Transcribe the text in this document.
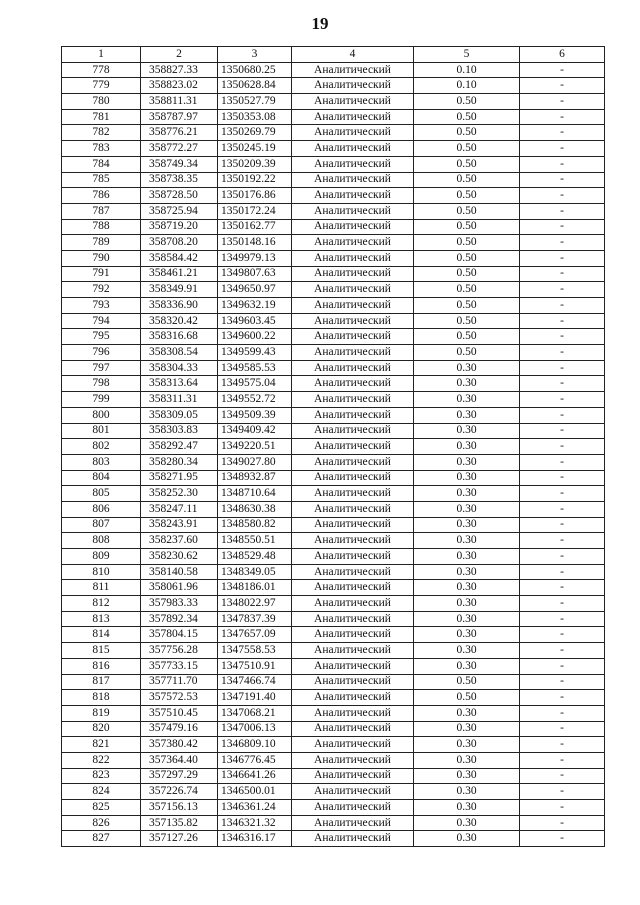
19
1	2	3	4	5	6
778	358827.33	1350680.25	Аналитический	0.10	-
779	358823.02	1350628.84	Аналитический	0.10	-
780	358811.31	1350527.79	Аналитический	0.50	-
781	358787.97	1350353.08	Аналитический	0.50	-
782	358776.21	1350269.79	Аналитический	0.50	-
783	358772.27	1350245.19	Аналитический	0.50	-
784	358749.34	1350209.39	Аналитический	0.50	-
785	358738.35	1350192.22	Аналитический	0.50	-
786	358728.50	1350176.86	Аналитический	0.50	-
787	358725.94	1350172.24	Аналитический	0.50	-
788	358719.20	1350162.77	Аналитический	0.50	-
789	358708.20	1350148.16	Аналитический	0.50	-
790	358584.42	1349979.13	Аналитический	0.50	-
791	358461.21	1349807.63	Аналитический	0.50	-
792	358349.91	1349650.97	Аналитический	0.50	-
793	358336.90	1349632.19	Аналитический	0.50	-
794	358320.42	1349603.45	Аналитический	0.50	-
795	358316.68	1349600.22	Аналитический	0.50	-
796	358308.54	1349599.43	Аналитический	0.50	-
797	358304.33	1349585.53	Аналитический	0.30	-
798	358313.64	1349575.04	Аналитический	0.30	-
799	358311.31	1349552.72	Аналитический	0.30	-
800	358309.05	1349509.39	Аналитический	0.30	-
801	358303.83	1349409.42	Аналитический	0.30	-
802	358292.47	1349220.51	Аналитический	0.30	-
803	358280.34	1349027.80	Аналитический	0.30	-
804	358271.95	1348932.87	Аналитический	0.30	-
805	358252.30	1348710.64	Аналитический	0.30	-
806	358247.11	1348630.38	Аналитический	0.30	-
807	358243.91	1348580.82	Аналитический	0.30	-
808	358237.60	1348550.51	Аналитический	0.30	-
809	358230.62	1348529.48	Аналитический	0.30	-
810	358140.58	1348349.05	Аналитический	0.30	-
811	358061.96	1348186.01	Аналитический	0.30	-
812	357983.33	1348022.97	Аналитический	0.30	-
813	357892.34	1347837.39	Аналитический	0.30	-
814	357804.15	1347657.09	Аналитический	0.30	-
815	357756.28	1347558.53	Аналитический	0.30	-
816	357733.15	1347510.91	Аналитический	0.30	-
817	357711.70	1347466.74	Аналитический	0.50	-
818	357572.53	1347191.40	Аналитический	0.50	-
819	357510.45	1347068.21	Аналитический	0.30	-
820	357479.16	1347006.13	Аналитический	0.30	-
821	357380.42	1346809.10	Аналитический	0.30	-
822	357364.40	1346776.45	Аналитический	0.30	-
823	357297.29	1346641.26	Аналитический	0.30	-
824	357226.74	1346500.01	Аналитический	0.30	-
825	357156.13	1346361.24	Аналитический	0.30	-
826	357135.82	1346321.32	Аналитический	0.30	-
827	357127.26	1346316.17	Аналитический	0.30	-
